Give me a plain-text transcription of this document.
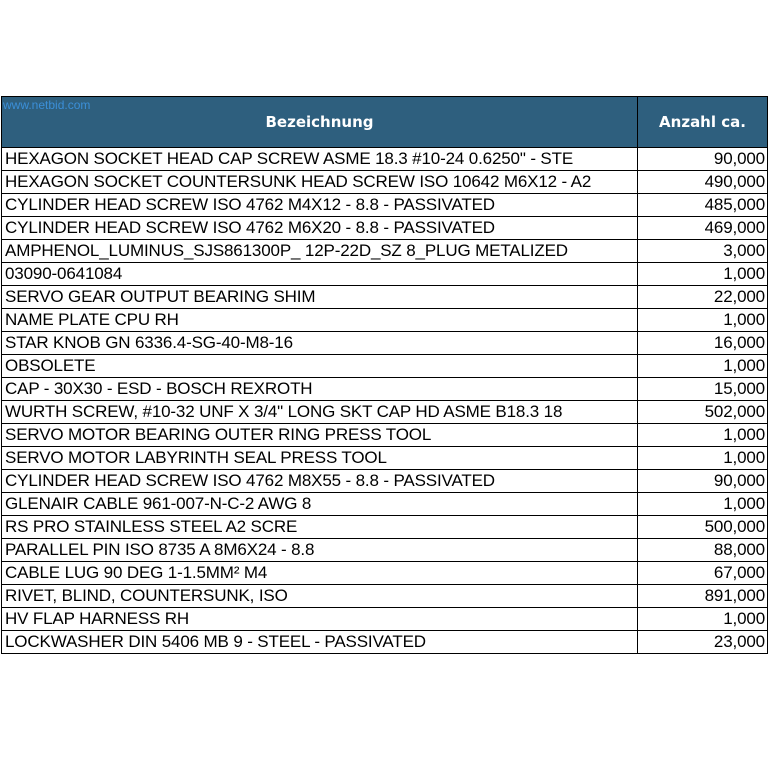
Bezeichnung	Anzahl ca.
HEXAGON SOCKET HEAD CAP SCREW ASME 18.3 #10-24 0.6250" - STE	90,000
HEXAGON SOCKET COUNTERSUNK HEAD SCREW ISO 10642 M6X12 - A2	490,000
CYLINDER HEAD SCREW ISO 4762 M4X12 - 8.8 - PASSIVATED	485,000
CYLINDER HEAD SCREW ISO 4762 M6X20 - 8.8 - PASSIVATED	469,000
AMPHENOL_LUMINUS_SJS861300P_ 12P-22D_SZ 8_PLUG METALIZED	3,000
03090-0641084	1,000
SERVO GEAR OUTPUT BEARING SHIM	22,000
NAME PLATE CPU RH	1,000
STAR KNOB GN 6336.4-SG-40-M8-16	16,000
OBSOLETE	1,000
CAP - 30X30 - ESD - BOSCH REXROTH	15,000
WURTH SCREW, #10-32 UNF X 3/4" LONG SKT CAP HD ASME B18.3 18	502,000
SERVO MOTOR BEARING OUTER RING PRESS TOOL	1,000
SERVO MOTOR LABYRINTH SEAL PRESS TOOL	1,000
CYLINDER HEAD SCREW ISO 4762 M8X55 - 8.8 - PASSIVATED	90,000
GLENAIR CABLE 961-007-N-C-2 AWG 8	1,000
RS PRO STAINLESS STEEL A2 SCRE	500,000
PARALLEL PIN ISO 8735 A 8M6X24 - 8.8	88,000
CABLE LUG 90 DEG 1-1.5MM² M4	67,000
RIVET, BLIND, COUNTERSUNK, ISO	891,000
HV FLAP HARNESS RH	1,000
LOCKWASHER DIN 5406 MB 9 - STEEL - PASSIVATED	23,000
www.netbid.com
